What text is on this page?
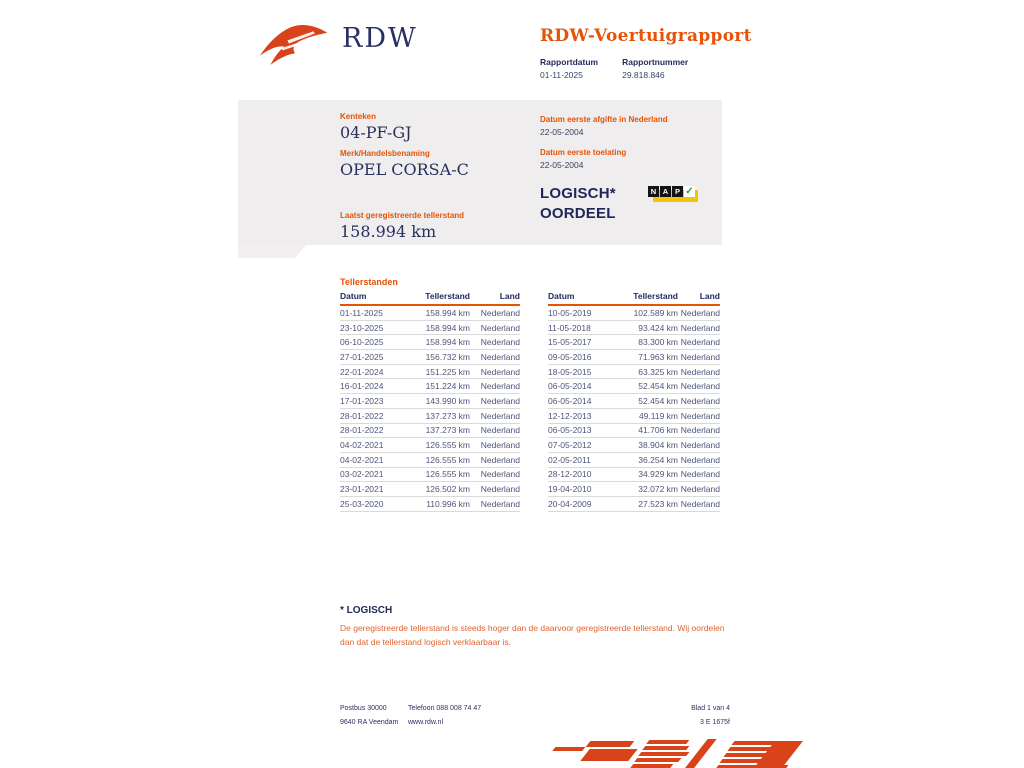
RDW	RDW-Voertuigrapport
Rapportdatum
01-11-2025
Rapportnummer
29.818.846
Kenteken
04-PF-GJ
Merk/Handelsbenaming
OPEL CORSA-C
Laatst geregistreerde tellerstand
158.994 km
Datum eerste afgifte in Nederland
22-05-2004
Datum eerste toelating
22-05-2004
LOGISCH*
OORDEEL
N A P ✓
Tellerstanden
Datum	Tellerstand	Land
01-11-2025	158.994 km	Nederland
23-10-2025	158.994 km	Nederland
06-10-2025	158.994 km	Nederland
27-01-2025	156.732 km	Nederland
22-01-2024	151.225 km	Nederland
16-01-2024	151.224 km	Nederland
17-01-2023	143.990 km	Nederland
28-01-2022	137.273 km	Nederland
28-01-2022	137.273 km	Nederland
04-02-2021	126.555 km	Nederland
04-02-2021	126.555 km	Nederland
03-02-2021	126.555 km	Nederland
23-01-2021	126.502 km	Nederland
25-03-2020	110.996 km	Nederland
Datum	Tellerstand	Land
10-05-2019	102.589 km Nederland
11-05-2018	93.424 km Nederland
15-05-2017	83.300 km Nederland
09-05-2016	71.963 km Nederland
18-05-2015	63.325 km Nederland
06-05-2014	52.454 km Nederland
06-05-2014	52.454 km Nederland
12-12-2013	49.119 km Nederland
06-05-2013	41.706 km Nederland
07-05-2012	38.904 km Nederland
02-05-2011	36.254 km Nederland
28-12-2010	34.929 km Nederland
19-04-2010	32.072 km Nederland
20-04-2009	27.523 km Nederland
* LOGISCH
De geregistreerde tellerstand is steeds hoger dan de daarvoor geregistreerde tellerstand. Wij oordelen dan dat de tellerstand logisch verklaarbaar is.
Postbus 30000
9640 RA Veendam
Telefoon 088 008 74 47
www.rdw.nl
Blad 1 van 4
3 E 1675f
